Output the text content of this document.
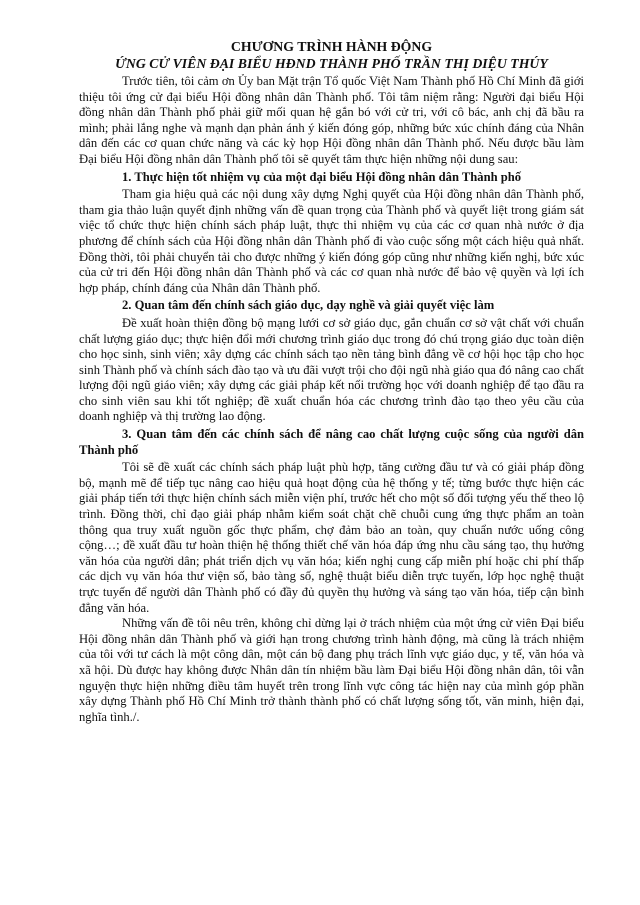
CHƯƠNG TRÌNH HÀNH ĐỘNG

ỨNG CỬ VIÊN ĐẠI BIỂU HĐND THÀNH PHỐ TRẦN THỊ DIỆU THÚY

Trước tiên, tôi cảm ơn Ủy ban Mặt trận Tổ quốc Việt Nam Thành phố Hồ Chí Minh đã giới thiệu tôi ứng cử đại biểu Hội đồng nhân dân Thành phố. Tôi tâm niệm rằng: Người đại biểu Hội đồng nhân dân Thành phố phải giữ mối quan hệ gắn bó với cử tri, với cô bác, anh chị đã bầu ra mình; phải lắng nghe và mạnh dạn phản ánh ý kiến đóng góp, những bức xúc chính đáng của Nhân dân đến các cơ quan chức năng và các kỳ họp Hội đồng nhân dân Thành phố. Nếu được bầu làm Đại biểu Hội đồng nhân dân Thành phố tôi sẽ quyết tâm thực hiện những nội dung sau:

1. Thực hiện tốt nhiệm vụ của một đại biểu Hội đồng nhân dân Thành phố

Tham gia hiệu quả các nội dung xây dựng Nghị quyết của Hội đồng nhân dân Thành phố, tham gia thảo luận quyết định những vấn đề quan trọng của Thành phố và quyết liệt trong giám sát việc tổ chức thực hiện chính sách pháp luật, thực thi nhiệm vụ của các cơ quan nhà nước ở địa phương để chính sách của Hội đồng nhân dân Thành phố đi vào cuộc sống một cách hiệu quả nhất. Đồng thời, tôi phải chuyển tải cho được những ý kiến đóng góp cũng như những kiến nghị, bức xúc của cử tri đến Hội đồng nhân dân Thành phố và các cơ quan nhà nước để bảo vệ quyền và lợi ích hợp pháp, chính đáng của Nhân dân Thành phố.

2. Quan tâm đến chính sách giáo dục, dạy nghề và giải quyết việc làm

Đề xuất hoàn thiện đồng bộ mạng lưới cơ sở giáo dục, gắn chuẩn cơ sở vật chất với chuẩn chất lượng giáo dục; thực hiện đổi mới chương trình giáo dục trong đó chú trọng giáo dục toàn diện cho học sinh, sinh viên; xây dựng các chính sách tạo nền tảng bình đẳng về cơ hội học tập cho học sinh Thành phố và chính sách đào tạo và ưu đãi vượt trội cho đội ngũ nhà giáo qua đó nâng cao chất lượng đội ngũ giáo viên; xây dựng các giải pháp kết nối trường học với doanh nghiệp để tạo đầu ra cho sinh viên sau khi tốt nghiệp; đề xuất chuẩn hóa các chương trình đào tạo theo yêu cầu của doanh nghiệp và thị trường lao động.

3. Quan tâm đến các chính sách để nâng cao chất lượng cuộc sống của người dân Thành phố

Tôi sẽ đề xuất các chính sách pháp luật phù hợp, tăng cường đầu tư và có giải pháp đồng bộ, mạnh mẽ để tiếp tục nâng cao hiệu quả hoạt động của hệ thống y tế; từng bước thực hiện các giải pháp tiến tới thực hiện chính sách miễn viện phí, trước hết cho một số đối tượng yếu thế theo lộ trình. Đồng thời, chỉ đạo giải pháp nhằm kiểm soát chặt chẽ chuỗi cung ứng thực phẩm an toàn thông qua truy xuất nguồn gốc thực phẩm, chợ đảm bảo an toàn, quy chuẩn nước uống công cộng…; đề xuất đầu tư hoàn thiện hệ thống thiết chế văn hóa đáp ứng nhu cầu sáng tạo, thụ hưởng văn hóa của người dân; phát triển dịch vụ văn hóa; kiến nghị cung cấp miễn phí hoặc chi phí thấp các dịch vụ văn hóa thư viện số, bảo tàng số, nghệ thuật biểu diễn trực tuyến, lớp học nghệ thuật trực tuyến để người dân Thành phố có đầy đủ quyền thụ hưởng và sáng tạo văn hóa, tiếp cận bình đẳng văn hóa.

Những vấn đề tôi nêu trên, không chỉ dừng lại ở trách nhiệm của một ứng cử viên Đại biểu Hội đồng nhân dân Thành phố và giới hạn trong chương trình hành động, mà cũng là trách nhiệm của tôi với tư cách là một công dân, một cán bộ đang phụ trách lĩnh vực giáo dục, y tế, văn hóa và xã hội. Dù được hay không được Nhân dân tín nhiệm bầu làm Đại biểu Hội đồng nhân dân, tôi vẫn nguyện thực hiện những điều tâm huyết trên trong lĩnh vực công tác hiện nay của mình góp phần xây dựng Thành phố Hồ Chí Minh trở thành thành phố có chất lượng sống tốt, văn minh, hiện đại, nghĩa tình./.
